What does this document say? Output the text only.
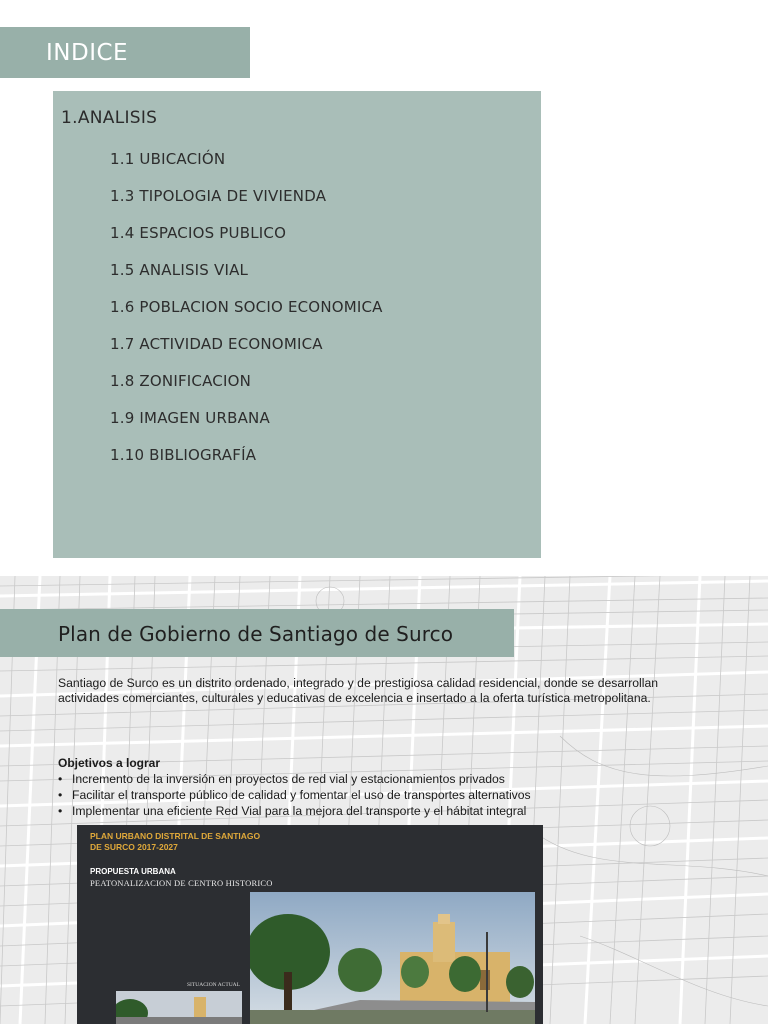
INDICE
1.ANALISIS
1.1 UBICACIÓN
1.3 TIPOLOGIA DE VIVIENDA
1.4 ESPACIOS PUBLICO
1.5 ANALISIS VIAL
1.6 POBLACION SOCIO ECONOMICA
1.7 ACTIVIDAD ECONOMICA
1.8 ZONIFICACION
1.9 IMAGEN URBANA
1.10 BIBLIOGRAFÍA
Plan de Gobierno de Santiago de Surco

Santiago de Surco es un distrito ordenado, integrado y de prestigiosa calidad residencial, donde se desarrollan actividades comerciantes, culturales y educativas de excelencia e insertado a la oferta turística metropolitana.

Objetivos a lograr
• Incremento de la inversión en proyectos de red vial y estacionamientos privados
• Facilitar el transporte público de calidad y fomentar el uso de transportes alternativos
• Implementar una eficiente Red Vial para la mejora del transporte y el hábitat integral
PLAN URBANO DISTRITAL DE SANTIAGO DE SURCO 2017-2027
PROPUESTA URBANA
PEATONALIZACION DE CENTRO HISTORICO
SITUACION ACTUAL
